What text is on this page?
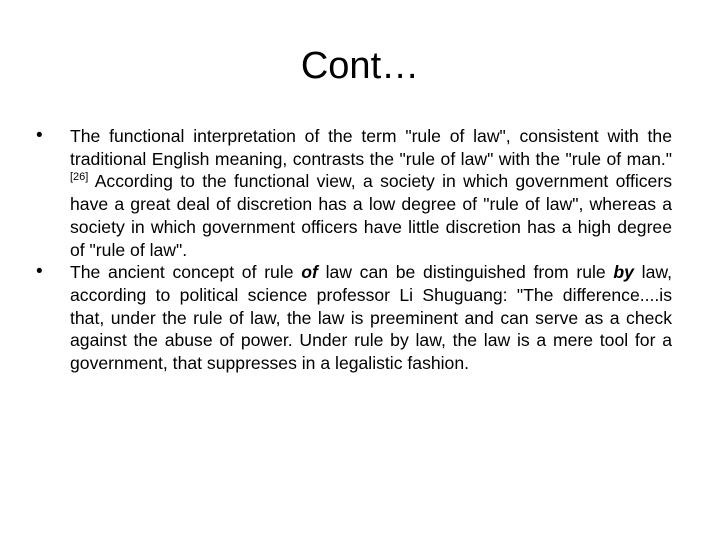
Cont…
•	The functional interpretation of the term "rule of law", consistent with the traditional English meaning, contrasts the "rule of law" with the "rule of man."[26] According to the functional view, a society in which government officers have a great deal of discretion has a low degree of "rule of law", whereas a society in which government officers have little discretion has a high degree of "rule of law".
•	The ancient concept of rule of law can be distinguished from rule by law, according to political science professor Li Shuguang: "The difference....is that, under the rule of law, the law is preeminent and can serve as a check against the abuse of power. Under rule by law, the law is a mere tool for a government, that suppresses in a legalistic fashion.
